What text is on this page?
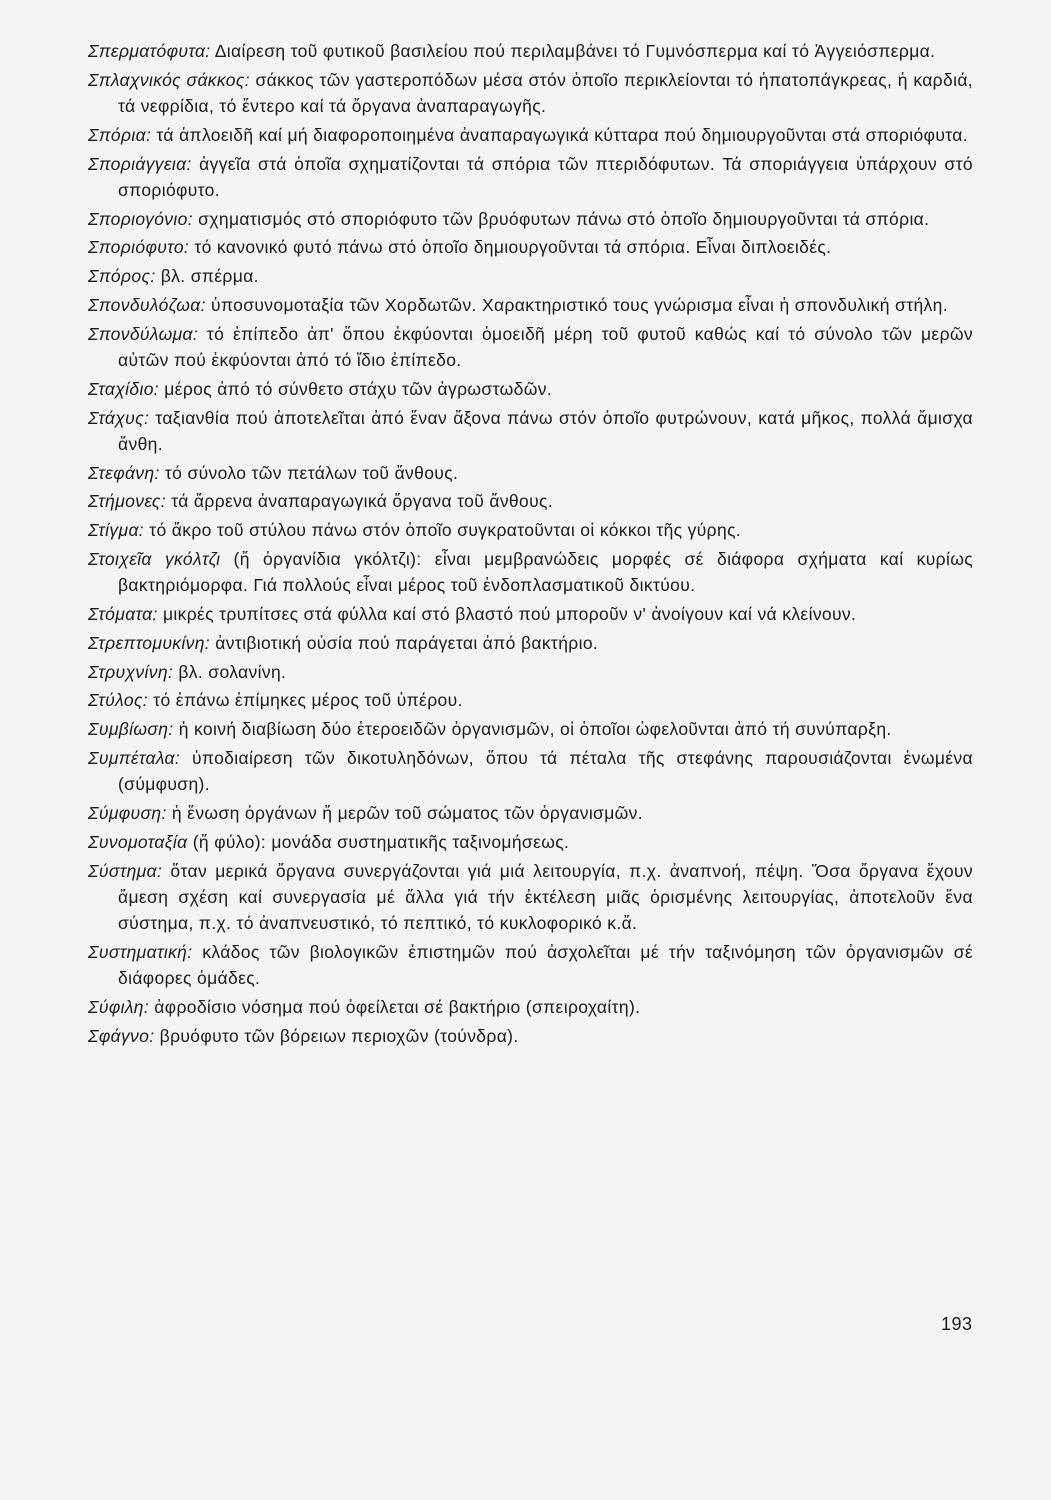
Σπερματόφυτα: Διαίρεση τοῦ φυτικοῦ βασιλείου πού περιλαμβάνει τό Γυμνόσπερμα καί τό Ἀγγειόσπερμα.

Σπλαχνικός σάκκος: σάκκος τῶν γαστεροπόδων μέσα στόν ὁποῖο περικλείονται τό ἡπατοπάγκρεας, ἡ καρδιά, τά νεφρίδια, τό ἔντερο καί τά ὄργανα ἀναπαραγωγῆς.

Σπόρια: τά ἁπλοειδῆ καί μή διαφοροποιημένα ἀναπαραγωγικά κύτταρα πού δημιουργοῦνται στά σποριόφυτα.

Σποριάγγεια: ἀγγεῖα στά ὁποῖα σχηματίζονται τά σπόρια τῶν πτεριδόφυτων. Τά σποριάγγεια ὑπάρχουν στό σποριόφυτο.

Σποριογόνιο: σχηματισμός στό σποριόφυτο τῶν βρυόφυτων πάνω στό ὁποῖο δημιουργοῦνται τά σπόρια.

Σποριόφυτο: τό κανονικό φυτό πάνω στό ὁποῖο δημιουργοῦνται τά σπόρια. Εἶναι διπλοειδές.

Σπόρος: βλ. σπέρμα.

Σπονδυλόζωα: ὑποσυνομοταξία τῶν Χορδωτῶν. Χαρακτηριστικό τους γνώρισμα εἶναι ἡ σπονδυλική στήλη.

Σπονδύλωμα: τό ἐπίπεδο ἀπ' ὅπου ἐκφύονται ὁμοειδῆ μέρη τοῦ φυτοῦ καθώς καί τό σύνολο τῶν μερῶν αὐτῶν πού ἐκφύονται ἀπό τό ἴδιο ἐπίπεδο.

Σταχίδιο: μέρος ἀπό τό σύνθετο στάχυ τῶν ἀγρωστωδῶν.

Στάχυς: ταξιανθία πού ἀποτελεῖται ἀπό ἕναν ἄξονα πάνω στόν ὁποῖο φυτρώνουν, κατά μῆκος, πολλά ἄμισχα ἄνθη.

Στεφάνη: τό σύνολο τῶν πετάλων τοῦ ἄνθους.

Στήμονες: τά ἄρρενα ἀναπαραγωγικά ὄργανα τοῦ ἄνθους.

Στίγμα: τό ἄκρο τοῦ στύλου πάνω στόν ὁποῖο συγκρατοῦνται οἱ κόκκοι τῆς γύρης.

Στοιχεῖα γκόλτζι (ἤ ὀργανίδια γκόλτζι): εἶναι μεμβρανώδεις μορφές σέ διάφορα σχήματα καί κυρίως βακτηριόμορφα. Γιά πολλούς εἶναι μέρος τοῦ ἐνδοπλασματικοῦ δικτύου.

Στόματα: μικρές τρυπίτσες στά φύλλα καί στό βλαστό πού μποροῦν ν' ἀνοίγουν καί νά κλείνουν.

Στρεπτομυκίνη: ἀντιβιοτική οὐσία πού παράγεται ἀπό βακτήριο.

Στρυχνίνη: βλ. σολανίνη.

Στύλος: τό ἐπάνω ἐπίμηκες μέρος τοῦ ὑπέρου.

Συμβίωση: ἡ κοινή διαβίωση δύο ἑτεροειδῶν ὀργανισμῶν, οἱ ὁποῖοι ὠφελοῦνται ἀπό τή συνύπαρξη.

Συμπέταλα: ὑποδιαίρεση τῶν δικοτυληδόνων, ὅπου τά πέταλα τῆς στεφάνης παρουσιάζονται ἑνωμένα (σύμφυση).

Σύμφυση: ἡ ἕνωση ὀργάνων ἤ μερῶν τοῦ σώματος τῶν ὀργανισμῶν.

Συνομοταξία (ἤ φύλο): μονάδα συστηματικῆς ταξινομήσεως.

Σύστημα: ὅταν μερικά ὄργανα συνεργάζονται γιά μιά λειτουργία, π.χ. ἀναπνοή, πέψη. Ὅσα ὄργανα ἔχουν ἄμεση σχέση καί συνεργασία μέ ἄλλα γιά τήν ἐκτέλεση μιᾶς ὁρισμένης λειτουργίας, ἀποτελοῦν ἕνα σύστημα, π.χ. τό ἀναπνευστικό, τό πεπτικό, τό κυκλοφορικό κ.ἄ.

Συστηματική: κλάδος τῶν βιολογικῶν ἐπιστημῶν πού ἀσχολεῖται μέ τήν ταξινόμηση τῶν ὀργανισμῶν σέ διάφορες ὁμάδες.

Σύφιλη: ἀφροδίσιο νόσημα πού ὀφείλεται σέ βακτήριο (σπειροχαίτη).

Σφάγνο: βρυόφυτο τῶν βόρειων περιοχῶν (τούνδρα).

193
